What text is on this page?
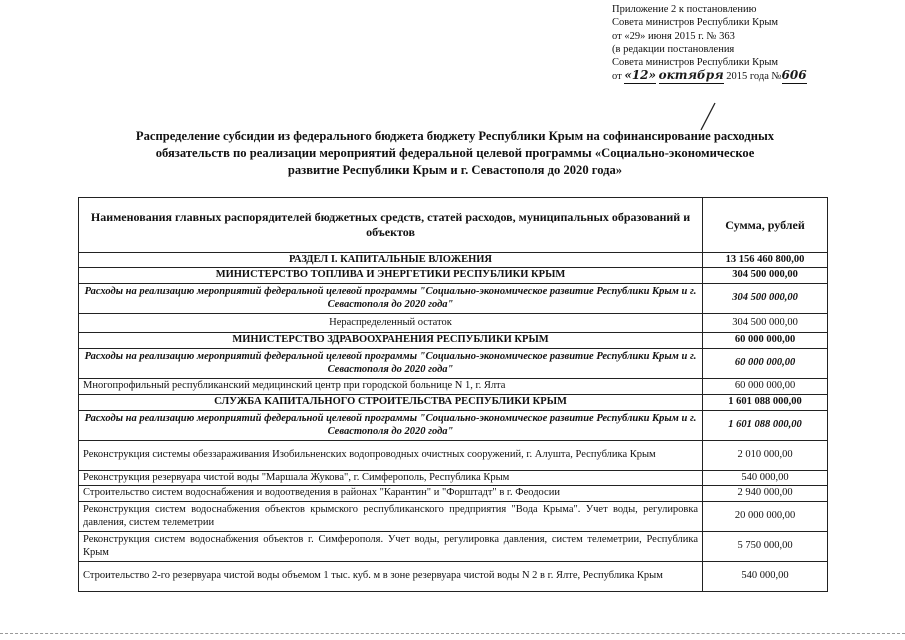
Приложение 2 к постановлению
Совета министров Республики Крым
от «29» июня 2015 г. № 363
(в редакции постановления
Совета министров Республики Крым
от «12» октября 2015 года №606
Распределение субсидии из федерального бюджета бюджету Республики Крым на софинансирование расходных
обязательств по реализации мероприятий федеральной целевой программы «Социально-экономическое
развитие Республики Крым и г. Севастополя до 2020 года»
Наименования главных распорядителей бюджетных средств, статей расходов, муниципальных образований и объектов	Сумма, рублей
РАЗДЕЛ I. КАПИТАЛЬНЫЕ ВЛОЖЕНИЯ	13 156 460 800,00
МИНИСТЕРСТВО ТОПЛИВА И ЭНЕРГЕТИКИ РЕСПУБЛИКИ КРЫМ	304 500 000,00
Расходы на реализацию мероприятий федеральной целевой программы "Социально-экономическое развитие Республики Крым и г. Севастополя до 2020 года"	304 500 000,00
Нераспределенный остаток	304 500 000,00
МИНИСТЕРСТВО ЗДРАВООХРАНЕНИЯ РЕСПУБЛИКИ КРЫМ	60 000 000,00
Расходы на реализацию мероприятий федеральной целевой программы "Социально-экономическое развитие Республики Крым и г. Севастополя до 2020 года"	60 000 000,00
Многопрофильный республиканский медицинский центр при городской больнице N 1, г. Ялта	60 000 000,00
СЛУЖБА КАПИТАЛЬНОГО СТРОИТЕЛЬСТВА РЕСПУБЛИКИ КРЫМ	1 601 088 000,00
Расходы на реализацию мероприятий федеральной целевой программы "Социально-экономическое развитие Республики Крым и г. Севастополя до 2020 года"	1 601 088 000,00
Реконструкция системы обеззараживания Изобильненских водопроводных очистных сооружений, г. Алушта, Республика Крым	2 010 000,00
Реконструкция резервуара чистой воды "Маршала Жукова", г. Симферополь, Республика Крым	540 000,00
Строительство систем водоснабжения и водоотведения в районах "Карантин" и "Форштадт" в г. Феодосии	2 940 000,00
Реконструкция систем водоснабжения объектов крымского республиканского предприятия "Вода Крыма". Учет воды, регулировка давления, систем телеметрии	20 000 000,00
Реконструкция систем водоснабжения объектов г. Симферополя. Учет воды, регулировка давления, систем телеметрии, Республика Крым	5 750 000,00
Строительство 2-го резервуара чистой воды объемом 1 тыс. куб. м в зоне резервуара чистой воды N 2 в г. Ялте, Республика Крым	540 000,00
